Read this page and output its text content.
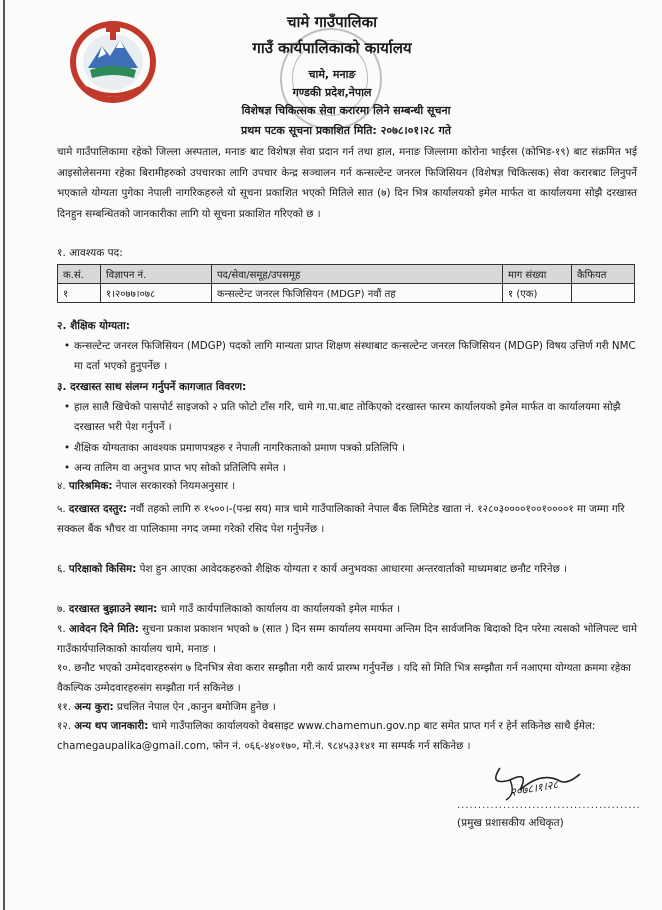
चामे गाउँपालिका
गाउँ कार्यपालिकाको कार्यालय
चामे, मनाङ
गण्डकी प्रदेश,नेपाल
विशेषज्ञ चिकित्सक सेवा करारमा लिने सम्बन्धी सूचना
प्रथम पटक सूचना प्रकाशित मिति: २०७८।०१।२८ गते
चामे गाउँपालिकामा रहेको जिल्ला अस्पताल, मनाङ बाट विशेषज्ञ सेवा प्रदान गर्न तथा हाल, मनाङ जिल्लामा कोरोना भाईरस (कोभिड-१९) बाट संक्रमित भई आइसोलेसनमा रहेका बिरामीहरुको उपचारका लागि उपचार केन्द्र सञ्चालन गर्न कन्सल्टेन्ट जनरल फिजिसियन (विशेषज्ञ चिकित्सक) सेवा करारबाट लिनुपर्ने भएकाले योग्यता पुगेका नेपाली नागरिकहरुले यो सूचना प्रकाशित भएको मितिले सात (७) दिन भित्र कार्यालयको इमेल मार्फत वा कार्यालयमा सोझै दरखास्त दिनहुन सम्बन्धितको जानकारीका लागि यो सूचना प्रकाशित गरिएको छ ।
१. आवश्यक पद:
क.सं.	विज्ञापन नं.	पद/सेवा/समूह/उपसमूह	माग संख्या	कैफियत
१	१।२०७७।०७८	कन्सल्टेन्ट जनरल फिजिसियन (MDGP) नवौं तह	१ (एक)	
२. शैक्षिक योग्यता:
• कन्सल्टेन्ट जनरल फिजिसियन (MDGP) पदको लागि मान्यता प्राप्त शिक्षण संस्थाबाट कन्सल्टेन्ट जनरल फिजिसियन (MDGP) विषय उत्तिर्ण गरी NMC मा दर्ता भएको हुनुपर्नेछ ।
३. दरखास्त साथ संलग्न गर्नुपर्ने कागजात विवरण:
• हाल सालै खिचेको पासपोर्ट साइजको २ प्रति फोटो टाँस गरि, चामे गा.पा.बाट तोकिएको दरखास्त फारम कार्यालयको इमेल मार्फत वा कार्यालयमा सोझै दरखास्त भरी पेश गर्नुपर्ने ।
• शैक्षिक योग्यताका आवश्यक प्रमाणपत्रहरु र नेपाली नागरिकताको प्रमाण पत्रको प्रतिलिपि ।
• अन्य तालिम वा अनुभव प्राप्त भए सोको प्रतिलिपि समेत ।
४. पारिश्रमिक: नेपाल सरकारको नियमअनुसार ।
५. दरखास्त दस्तुर: नवौं तहको लागि रु १५००।-(पन्ध्र सय) मात्र चामे गाउँपालिकाको नेपाल बैंक लिमिटेड खाता नं. १२८०३००००१००१००००१ मा जम्मा गरि सक्कल बैंक भौचर वा पालिकामा नगद जम्मा गरेको रसिद पेश गर्नुपर्नेछ ।
६. परिक्षाको किसिम: पेश हुन आएका आवेदकहरुको शैक्षिक योग्यता र कार्य अनुभवका आधारमा अन्तरवार्ताको माध्यमबाट छनौट गरिनेछ ।
७. दरखास्त बुझाउने स्थान: चामे गाउँ कार्यपालिकाको कार्यालय वा कार्यालयको इमेल मार्फत ।
९. आवेदन दिने मिति: सुचना प्रकाश प्रकाशन भएको ७ (सात ) दिन सम्म कार्यालय समयमा अन्तिम दिन सार्वजनिक बिदाको दिन परेमा त्यसको भोलिपल्ट चामे गाउँकार्यपालिकाको कार्यालय चामे, मनाङ ।
१०. छनौट भएको उम्मेदवारहरुसंग ७ दिनभित्र सेवा करार सम्झौता गरी कार्य प्रारम्भ गर्नुपर्नेछ । यदि सो मिति भित्र सम्झौता गर्न नआएमा योग्यता क्रममा रहेका वैकल्पिक उम्मेदवारहरुसंग सम्झौता गर्न सकिनेछ ।
११. अन्य कुरा: प्रचलित नेपाल ऐन ,कानुन बमोजिम हुनेछ ।
१२. अन्य थप जानकारी: चामे गाउँपालिका कार्यालयको वेबसाइट www.chamemun.gov.np बाट समेत प्राप्त गर्न र हेर्न सकिनेछ साथै ईमेल: chamegaupalika@gmail.com, फोन नं. ०६६-४४०१७०, मो.नं. ९८४५३३१४१ मा सम्पर्क गर्न सकिनेछ ।
२०७८।१।२८
............................................
(प्रमुख प्रशासकीय अधिकृत)
